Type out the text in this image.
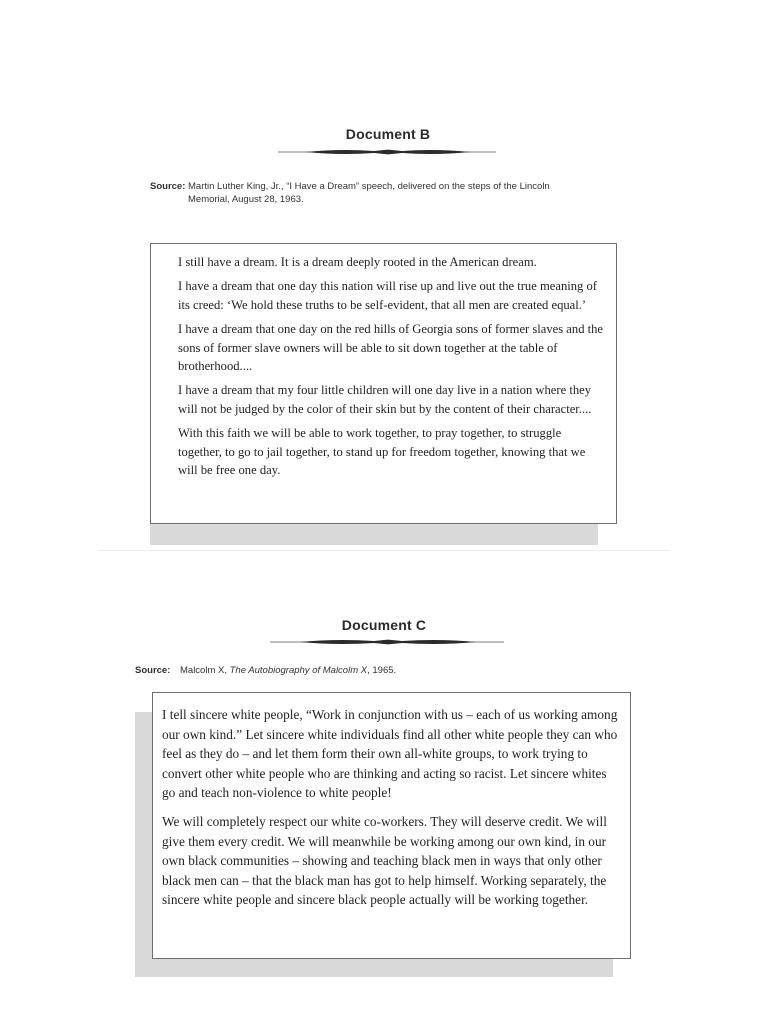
Document B
Source: Martin Luther King, Jr., “I Have a Dream” speech, delivered on the steps of the Lincoln Memorial, August 28, 1963.

I still have a dream. It is a dream deeply rooted in the American dream.

I have a dream that one day this nation will rise up and live out the true meaning of its creed: ‘We hold these truths to be self-evident, that all men are created equal.’

I have a dream that one day on the red hills of Georgia sons of former slaves and the sons of former slave owners will be able to sit down together at the table of brotherhood....

I have a dream that my four little children will one day live in a nation where they will not be judged by the color of their skin but by the content of their character....

With this faith we will be able to work together, to pray together, to struggle together, to go to jail together, to stand up for freedom together, knowing that we will be free one day.

Document C
Source: Malcolm X, The Autobiography of Malcolm X, 1965.

I tell sincere white people, “Work in conjunction with us – each of us working among our own kind.” Let sincere white individuals find all other white people they can who feel as they do – and let them form their own all-white groups, to work trying to convert other white people who are thinking and acting so racist. Let sincere whites go and teach non-violence to white people!

We will completely respect our white co-workers. They will deserve credit. We will give them every credit. We will meanwhile be working among our own kind, in our own black communities – showing and teaching black men in ways that only other black men can – that the black man has got to help himself. Working separately, the sincere white people and sincere black people actually will be working together.
